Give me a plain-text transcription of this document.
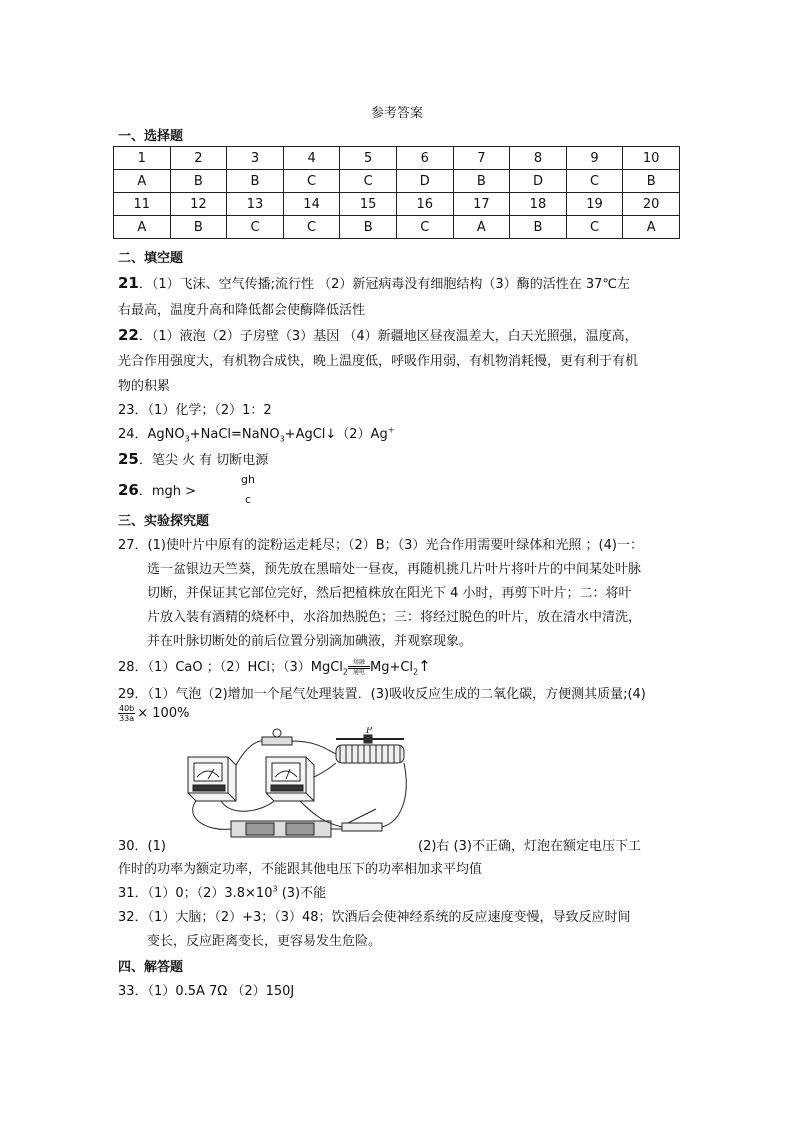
参考答案
一、选择题
1	2	3	4	5	6	7	8	9	10
A	B	B	C	C	D	B	D	C	B
11	12	13	14	15	16	17	18	19	20
A	B	C	C	B	C	A	B	C	A
二、填空题
21．（1）飞沫、空气传播;流行性 （2）新冠病毒没有细胞结构（3）酶的活性在 37℃左
右最高，温度升高和降低都会使酶降低活性
22．（1）液泡（2）子房壁（3）基因 （4）新疆地区昼夜温差大，白天光照强，温度高，
光合作用强度大，有机物合成快，晚上温度低，呼吸作用弱，有机物消耗慢，更有利于有机
物的积累
23．（1）化学；（2）1：2
24．AgNO$_3$+NaCl=NaNO$_3$+AgCl↓（2）Ag+
25．笔尖 火 有 切断电源
26．mgh >
gh
c
三、实验探究题
27．(1)使叶片中原有的淀粉运走耗尽；（2）B；（3）光合作用需要叶绿体和光照 ；(4)一：
选一盆银边天竺葵，预先放在黑暗处一昼夜，再随机挑几片叶片将叶片的中间某处叶脉
切断，并保证其它部位完好，然后把植株放在阳光下 4 小时，再剪下叶片；二：将叶
片放入装有酒精的烧杯中，水浴加热脱色；三：将经过脱色的叶片，放在清水中清洗，
并在叶脉切断处的前后位置分别滴加碘液，并观察现象。
28．（1）CaO ；（2）HCl；（3）MgCl$_2$
熔融
通电 $Mg+Cl_2↑$
29．（1）气泡（2)增加一个尾气处理装置．(3)吸收反应生成的二氧化碳，方便测其质量;(4)
$\frac{40b}{33a} \times 100\%$
P
30．(1)	(2)右 (3)不正确，灯泡在额定电压下工
作时的功率为额定功率，不能跟其他电压下的功率相加求平均值
31．（1）0；$(2)3.8\times 10^3$ (3)不能
32．（1）大脑；（2）+3；（3）48；饮酒后会使神经系统的反应速度变慢，导致反应时间
变长，反应距离变长，更容易发生危险。
四、解答题
33．（1）0.5A 7Ω （2）150J
